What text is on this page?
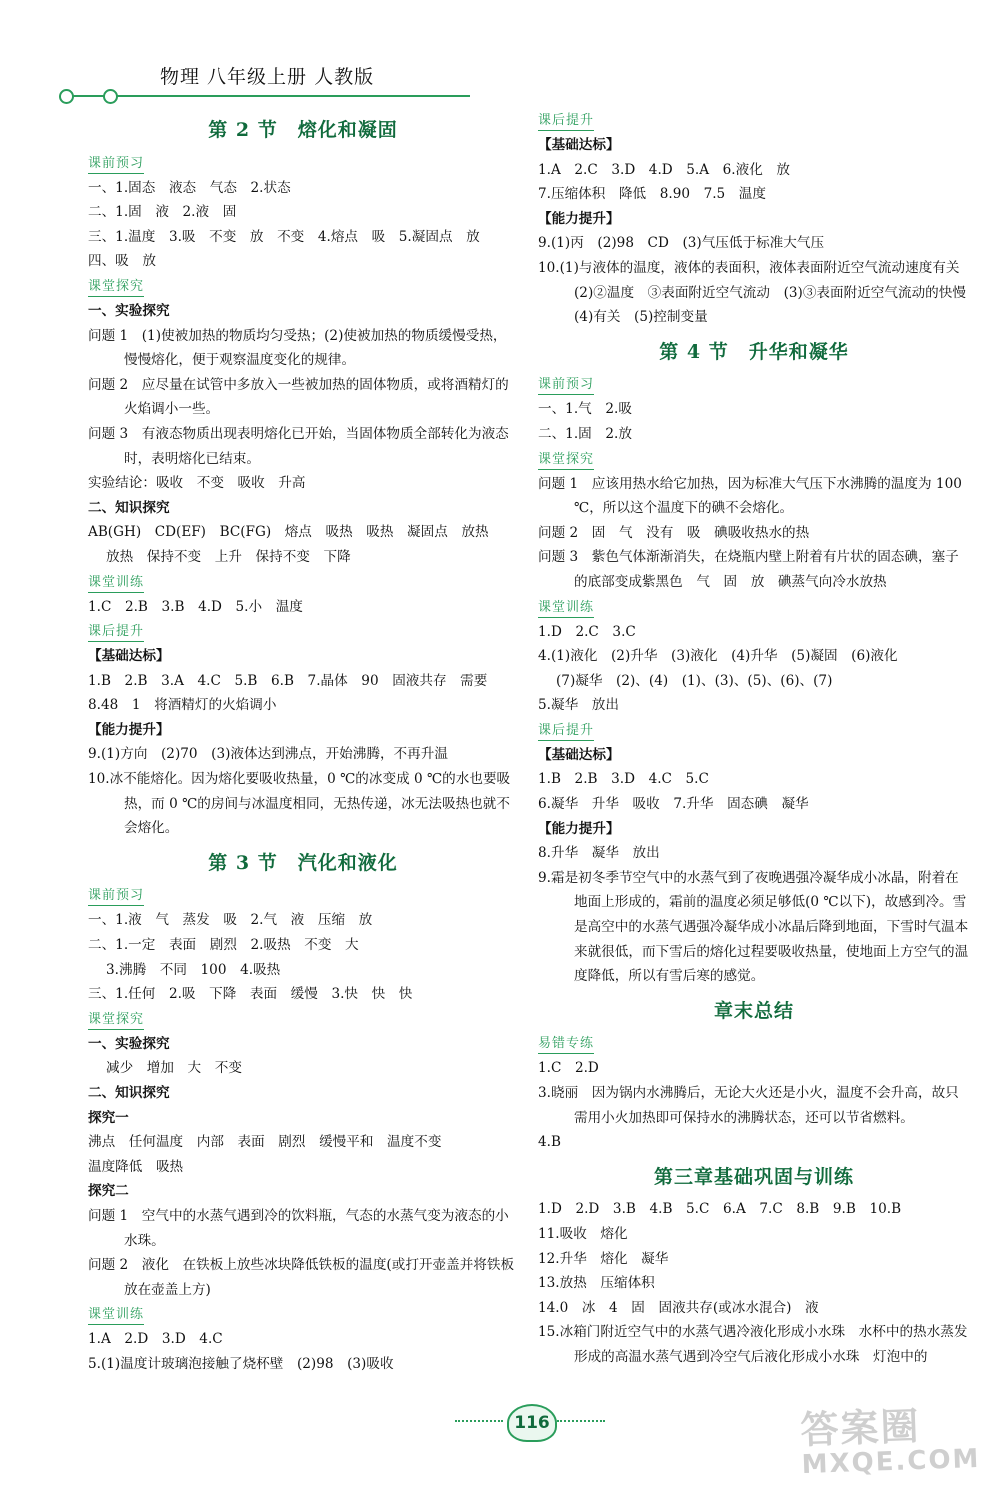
物理 八年级上册 人教版
第 2 节　熔化和凝固
课前预习
一、1.固态　液态　气态　2.状态
二、1.固　液　2.液　固
三、1.温度　3.吸　不变　放　不变　4.熔点　吸　5.凝固点　放
四、吸　放
课堂探究
一、实验探究
问题 1　(1)使被加热的物质均匀受热；(2)使被加热的物质缓慢受热，慢慢熔化，便于观察温度变化的规律。
问题 2　应尽量在试管中多放入一些被加热的固体物质，或将酒精灯的火焰调小一些。
问题 3　有液态物质出现表明熔化已开始，当固体物质全部转化为液态时，表明熔化已结束。
实验结论：吸收　不变　吸收　升高
二、知识探究
AB(GH)　CD(EF)　BC(FG)　熔点　吸热　吸热　凝固点　放热
放热　保持不变　上升　保持不变　下降
课堂训练
1.C　2.B　3.B　4.D　5.小　温度
课后提升
【基础达标】
1.B　2.B　3.A　4.C　5.B　6.B　7.晶体　90　固液共存　需要
8.48　1　将酒精灯的火焰调小
【能力提升】
9.(1)方向　(2)70　(3)液体达到沸点，开始沸腾，不再升温
10.冰不能熔化。因为熔化要吸收热量，0 ℃的冰变成 0 ℃的水也要吸热，而 0 ℃的房间与冰温度相同，无热传递，冰无法吸热也就不会熔化。
第 3 节　汽化和液化
课前预习
一、1.液　气　蒸发　吸　2.气　液　压缩　放
二、1.一定　表面　剧烈　2.吸热　不变　大
3.沸腾　不同　100　4.吸热
三、1.任何　2.吸　下降　表面　缓慢　3.快　快　快
课堂探究
一、实验探究
减少　增加　大　不变
二、知识探究
探究一
沸点　任何温度　内部　表面　剧烈　缓慢平和　温度不变
温度降低　吸热
探究二
问题 1　空气中的水蒸气遇到冷的饮料瓶，气态的水蒸气变为液态的小水珠。
问题 2　液化　在铁板上放些冰块降低铁板的温度(或打开壶盖并将铁板放在壶盖上方)
课堂训练
1.A　2.D　3.D　4.C
5.(1)温度计玻璃泡接触了烧杯壁　(2)98　(3)吸收
课后提升
【基础达标】
1.A　2.C　3.D　4.D　5.A　6.液化　放
7.压缩体积　降低　8.90　7.5　温度
【能力提升】
9.(1)丙　(2)98　CD　(3)气压低于标准大气压
10.(1)与液体的温度，液体的表面积，液体表面附近空气流动速度有关　(2)②温度　③表面附近空气流动　(3)③表面附近空气流动的快慢　(4)有关　(5)控制变量
第 4 节　升华和凝华
课前预习
一、1.气　2.吸
二、1.固　2.放
课堂探究
问题 1　应该用热水给它加热，因为标准大气压下水沸腾的温度为 100 ℃，所以这个温度下的碘不会熔化。
问题 2　固　气　没有　吸　碘吸收热水的热
问题 3　紫色气体渐渐消失，在烧瓶内壁上附着有片状的固态碘，塞子的底部变成紫黑色　气　固　放　碘蒸气向冷水放热
课堂训练
1.D　2.C　3.C
4.(1)液化　(2)升华　(3)液化　(4)升华　(5)凝固　(6)液化
(7)凝华　(2)、(4)　(1)、(3)、(5)、(6)、(7)
5.凝华　放出
课后提升
【基础达标】
1.B　2.B　3.D　4.C　5.C
6.凝华　升华　吸收　7.升华　固态碘　凝华
【能力提升】
8.升华　凝华　放出
9.霜是初冬季节空气中的水蒸气到了夜晚遇强冷凝华成小冰晶，附着在地面上形成的，霜前的温度必须足够低(0 ℃以下)，故感到冷。雪是高空中的水蒸气遇强冷凝华成小冰晶后降到地面，下雪时气温本来就很低，而下雪后的熔化过程要吸收热量，使地面上方空气的温度降低，所以有雪后寒的感觉。
章末总结
易错专练
1.C　2.D
3.晓丽　因为锅内水沸腾后，无论大火还是小火，温度不会升高，故只需用小火加热即可保持水的沸腾状态，还可以节省燃料。
4.B
第三章基础巩固与训练
1.D　2.D　3.B　4.B　5.C　6.A　7.C　8.B　9.B　10.B
11.吸收　熔化
12.升华　熔化　凝华
13.放热　压缩体积
14.0　冰　4　固　固液共存(或冰水混合)　液
15.冰箱门附近空气中的水蒸气遇冷液化形成小水珠　水杯中的热水蒸发形成的高温水蒸气遇到冷空气后液化形成小水珠　灯泡中的
116	答案圈
MXQE.COM
